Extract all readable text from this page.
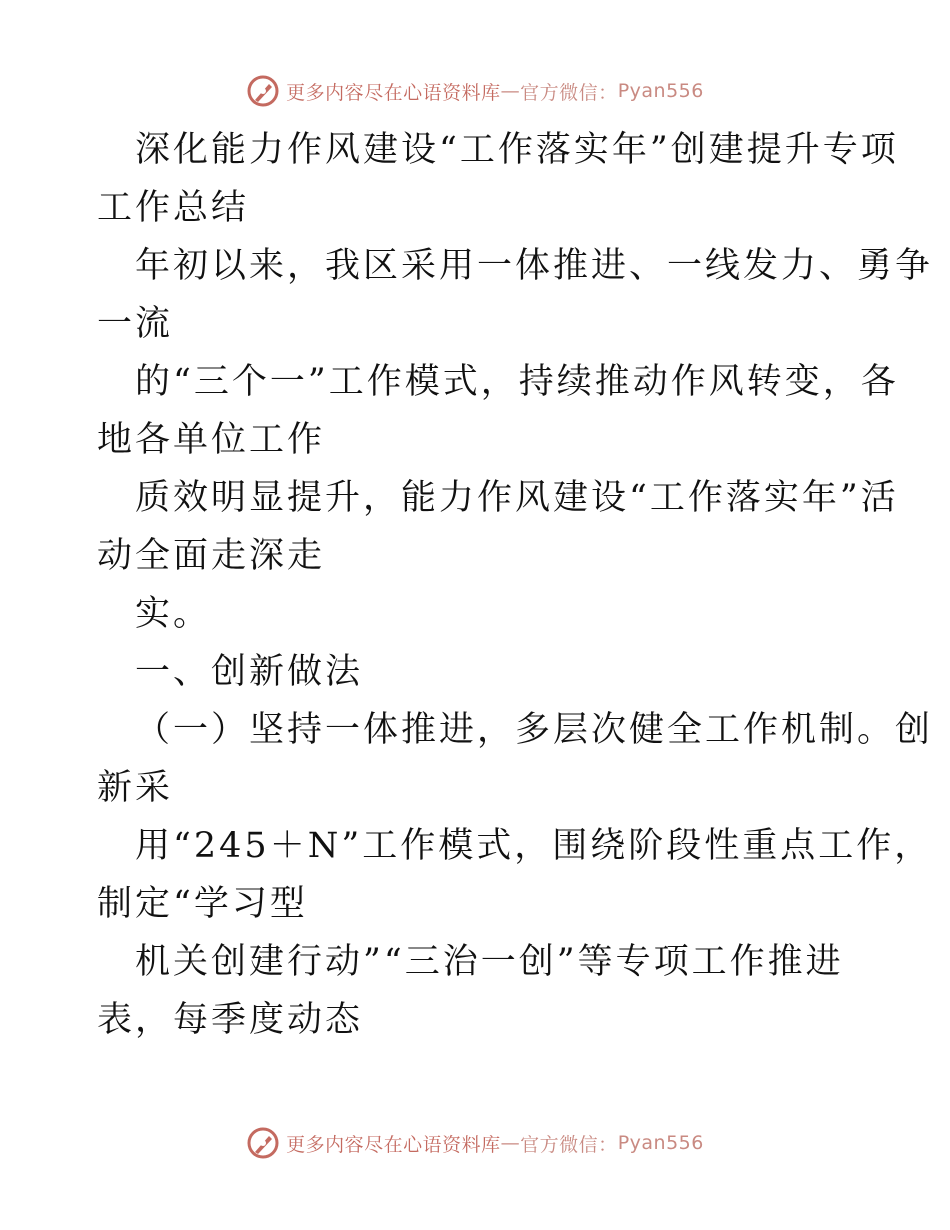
更多内容尽在心语资料库 — 官方微信： Pyan556

深化能力作风建设“工作落实年”创建提升专项
工作总结

年初以来，我区采用一体推进、一线发力、勇争
一流

的“三个一”工作模式，持续推动作风转变，各
地各单位工作

质效明显提升，能力作风建设“工作落实年”活
动全面走深走

实。

一、创新做法

（一）坚持一体推进，多层次健全工作机制。创
新采

用“245＋N”工作模式，围绕阶段性重点工作，
制定“学习型

机关创建行动”“三治一创”等专项工作推进
表，每季度动态

更多内容尽在心语资料库 — 官方微信： Pyan556
